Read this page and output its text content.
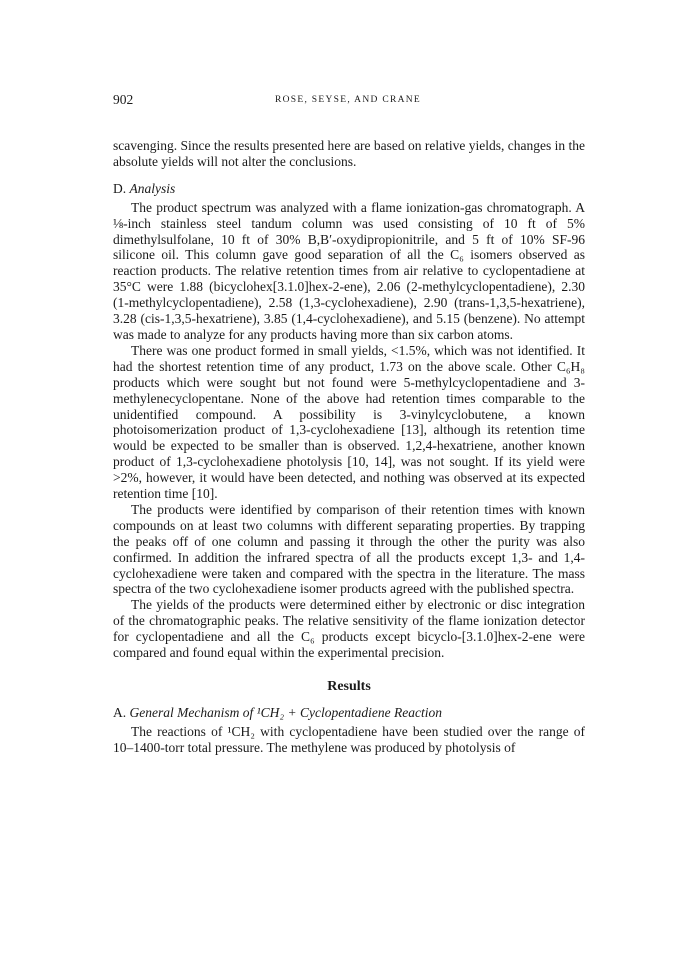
902	ROSE, SEYSE, AND CRANE

scavenging. Since the results presented here are based on relative yields, changes in the absolute yields will not alter the conclusions.

D. Analysis

The product spectrum was analyzed with a flame ionization-gas chromatograph. A ⅛-inch stainless steel tandum column was used consisting of 10 ft of 5% dimethylsulfolane, 10 ft of 30% B,B′-oxydipropionitrile, and 5 ft of 10% SF-96 silicone oil. This column gave good separation of all the C₆ isomers observed as reaction products. The relative retention times from air relative to cyclopentadiene at 35°C were 1.88 (bicyclohex[3.1.0]hex-2-ene), 2.06 (2-methylcyclopentadiene), 2.30 (1-methylcyclopentadiene), 2.58 (1,3-cyclohexadiene), 2.90 (trans-1,3,5-hexatriene), 3.28 (cis-1,3,5-hexatriene), 3.85 (1,4-cyclohexadiene), and 5.15 (benzene). No attempt was made to analyze for any products having more than six carbon atoms.

There was one product formed in small yields, <1.5%, which was not identified. It had the shortest retention time of any product, 1.73 on the above scale. Other C₆H₈ products which were sought but not found were 5-methylcyclopentadiene and 3-methylenecyclopentane. None of the above had retention times comparable to the unidentified compound. A possibility is 3-vinylcyclobutene, a known photoisomerization product of 1,3-cyclohexadiene [13], although its retention time would be expected to be smaller than is observed. 1,2,4-hexatriene, another known product of 1,3-cyclohexadiene photolysis [10, 14], was not sought. If its yield were >2%, however, it would have been detected, and nothing was observed at its expected retention time [10].

The products were identified by comparison of their retention times with known compounds on at least two columns with different separating properties. By trapping the peaks off of one column and passing it through the other the purity was also confirmed. In addition the infrared spectra of all the products except 1,3- and 1,4-cyclohexadiene were taken and compared with the spectra in the literature. The mass spectra of the two cyclohexadiene isomer products agreed with the published spectra.

The yields of the products were determined either by electronic or disc integration of the chromatographic peaks. The relative sensitivity of the flame ionization detector for cyclopentadiene and all the C₆ products except bicyclo-[3.1.0]hex-2-ene were compared and found equal within the experimental precision.

Results

A. General Mechanism of ¹CH₂ + Cyclopentadiene Reaction

The reactions of ¹CH₂ with cyclopentadiene have been studied over the range of 10–1400-torr total pressure. The methylene was produced by photolysis of
